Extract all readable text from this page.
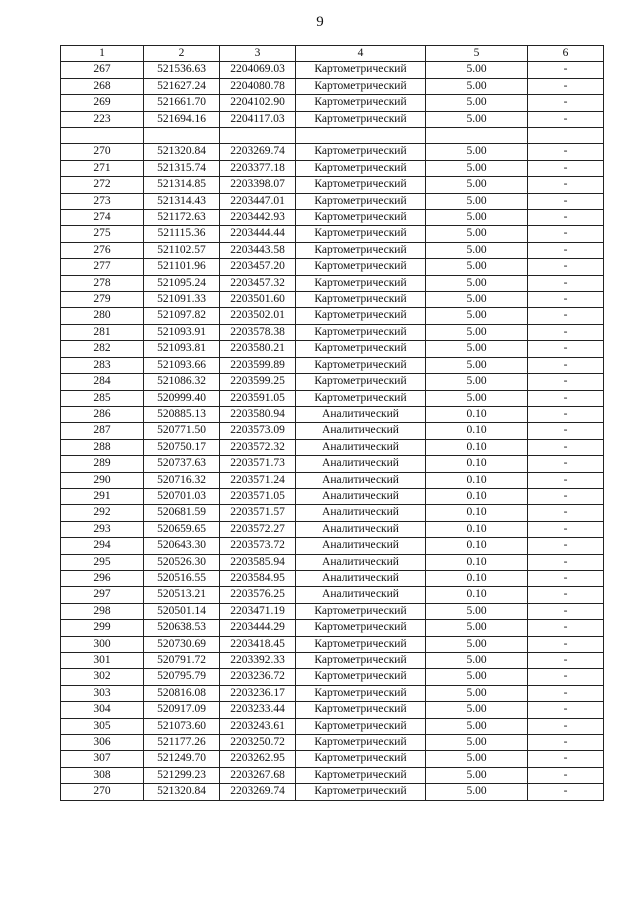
9
1	2	3	4	5	6
267	521536.63	2204069.03	Картометрический	5.00	-
268	521627.24	2204080.78	Картометрический	5.00	-
269	521661.70	2204102.90	Картометрический	5.00	-
223	521694.16	2204117.03	Картометрический	5.00	-

270	521320.84	2203269.74	Картометрический	5.00	-
271	521315.74	2203377.18	Картометрический	5.00	-
272	521314.85	2203398.07	Картометрический	5.00	-
273	521314.43	2203447.01	Картометрический	5.00	-
274	521172.63	2203442.93	Картометрический	5.00	-
275	521115.36	2203444.44	Картометрический	5.00	-
276	521102.57	2203443.58	Картометрический	5.00	-
277	521101.96	2203457.20	Картометрический	5.00	-
278	521095.24	2203457.32	Картометрический	5.00	-
279	521091.33	2203501.60	Картометрический	5.00	-
280	521097.82	2203502.01	Картометрический	5.00	-
281	521093.91	2203578.38	Картометрический	5.00	-
282	521093.81	2203580.21	Картометрический	5.00	-
283	521093.66	2203599.89	Картометрический	5.00	-
284	521086.32	2203599.25	Картометрический	5.00	-
285	520999.40	2203591.05	Картометрический	5.00	-
286	520885.13	2203580.94	Аналитический	0.10	-
287	520771.50	2203573.09	Аналитический	0.10	-
288	520750.17	2203572.32	Аналитический	0.10	-
289	520737.63	2203571.73	Аналитический	0.10	-
290	520716.32	2203571.24	Аналитический	0.10	-
291	520701.03	2203571.05	Аналитический	0.10	-
292	520681.59	2203571.57	Аналитический	0.10	-
293	520659.65	2203572.27	Аналитический	0.10	-
294	520643.30	2203573.72	Аналитический	0.10	-
295	520526.30	2203585.94	Аналитический	0.10	-
296	520516.55	2203584.95	Аналитический	0.10	-
297	520513.21	2203576.25	Аналитический	0.10	-
298	520501.14	2203471.19	Картометрический	5.00	-
299	520638.53	2203444.29	Картометрический	5.00	-
300	520730.69	2203418.45	Картометрический	5.00	-
301	520791.72	2203392.33	Картометрический	5.00	-
302	520795.79	2203236.72	Картометрический	5.00	-
303	520816.08	2203236.17	Картометрический	5.00	-
304	520917.09	2203233.44	Картометрический	5.00	-
305	521073.60	2203243.61	Картометрический	5.00	-
306	521177.26	2203250.72	Картометрический	5.00	-
307	521249.70	2203262.95	Картометрический	5.00	-
308	521299.23	2203267.68	Картометрический	5.00	-
270	521320.84	2203269.74	Картометрический	5.00	-
